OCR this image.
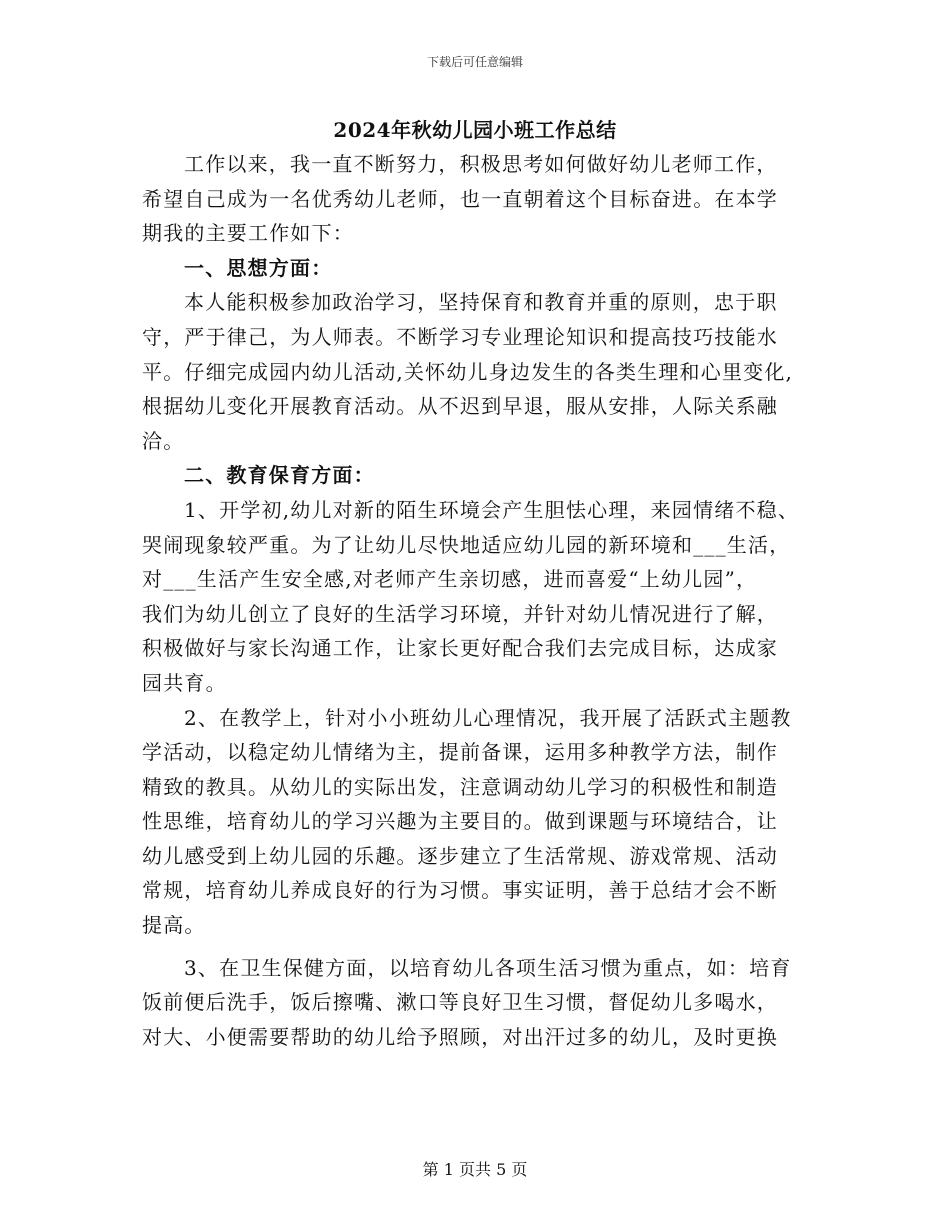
下载后可任意编辑
2024年秋幼儿园小班工作总结
工作以来，我一直不断努力，积极思考如何做好幼儿老师工作，
希望自己成为一名优秀幼儿老师，也一直朝着这个目标奋进。在本学
期我的主要工作如下：
一、思想方面：
本人能积极参加政治学习，坚持保育和教育并重的原则，忠于职
守，严于律己，为人师表。不断学习专业理论知识和提高技巧技能水
平。仔细完成园内幼儿活动,关怀幼儿身边发生的各类生理和心里变化,
根据幼儿变化开展教育活动。从不迟到早退，服从安排，人际关系融
洽。
二、教育保育方面：
1、开学初,幼儿对新的陌生环境会产生胆怯心理，来园情绪不稳、
哭闹现象较严重。为了让幼儿尽快地适应幼儿园的新环境和___生活，
对___生活产生安全感,对老师产生亲切感，进而喜爱“上幼儿园”，
我们为幼儿创立了良好的生活学习环境，并针对幼儿情况进行了解，
积极做好与家长沟通工作，让家长更好配合我们去完成目标，达成家
园共育。
2、在教学上，针对小小班幼儿心理情况，我开展了活跃式主题教
学活动，以稳定幼儿情绪为主，提前备课，运用多种教学方法，制作
精致的教具。从幼儿的实际出发，注意调动幼儿学习的积极性和制造
性思维，培育幼儿的学习兴趣为主要目的。做到课题与环境结合，让
幼儿感受到上幼儿园的乐趣。逐步建立了生活常规、游戏常规、活动
常规，培育幼儿养成良好的行为习惯。事实证明，善于总结才会不断
提高。
3、在卫生保健方面，以培育幼儿各项生活习惯为重点，如：培育
饭前便后洗手，饭后擦嘴、漱口等良好卫生习惯，督促幼儿多喝水，
对大、小便需要帮助的幼儿给予照顾，对出汗过多的幼儿，及时更换
第 1 页共 5 页
